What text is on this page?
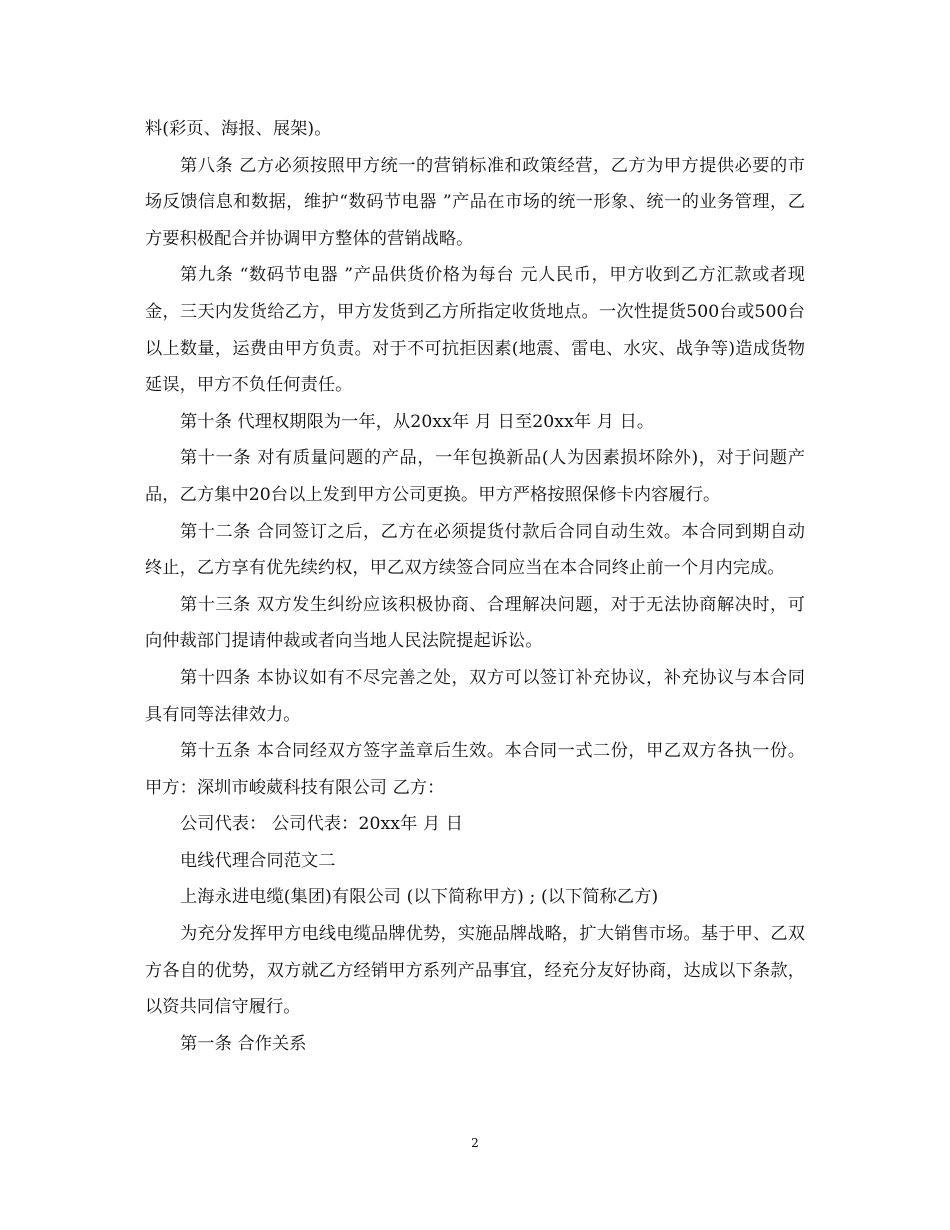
料(彩页、海报、展架)。

第八条 乙方必须按照甲方统一的营销标准和政策经营，乙方为甲方提供必要的市场反馈信息和数据，维护“数码节电器 ”产品在市场的统一形象、统一的业务管理，乙方要积极配合并协调甲方整体的营销战略。

第九条 “数码节电器 ”产品供货价格为每台 元人民币，甲方收到乙方汇款或者现金，三天内发货给乙方，甲方发货到乙方所指定收货地点。一次性提货500台或500台以上数量，运费由甲方负责。对于不可抗拒因素(地震、雷电、水灾、战争等)造成货物延误，甲方不负任何责任。

第十条 代理权期限为一年，从20xx年 月 日至20xx年 月 日。

第十一条 对有质量问题的产品，一年包换新品(人为因素损坏除外)，对于问题产品，乙方集中20台以上发到甲方公司更换。甲方严格按照保修卡内容履行。

第十二条 合同签订之后，乙方在必须提货付款后合同自动生效。本合同到期自动终止，乙方享有优先续约权，甲乙双方续签合同应当在本合同终止前一个月内完成。

第十三条 双方发生纠纷应该积极协商、合理解决问题，对于无法协商解决时，可向仲裁部门提请仲裁或者向当地人民法院提起诉讼。

第十四条 本协议如有不尽完善之处，双方可以签订补充协议，补充协议与本合同具有同等法律效力。

第十五条 本合同经双方签字盖章后生效。本合同一式二份，甲乙双方各执一份。 甲方：深圳市峻葳科技有限公司 乙方：

公司代表： 公司代表：20xx年 月 日

电线代理合同范文二

上海永进电缆(集团)有限公司 (以下简称甲方) ; (以下简称乙方)

为充分发挥甲方电线电缆品牌优势，实施品牌战略，扩大销售市场。基于甲、乙双方各自的优势，双方就乙方经销甲方系列产品事宜，经充分友好协商，达成以下条款，以资共同信守履行。

第一条 合作关系

2
